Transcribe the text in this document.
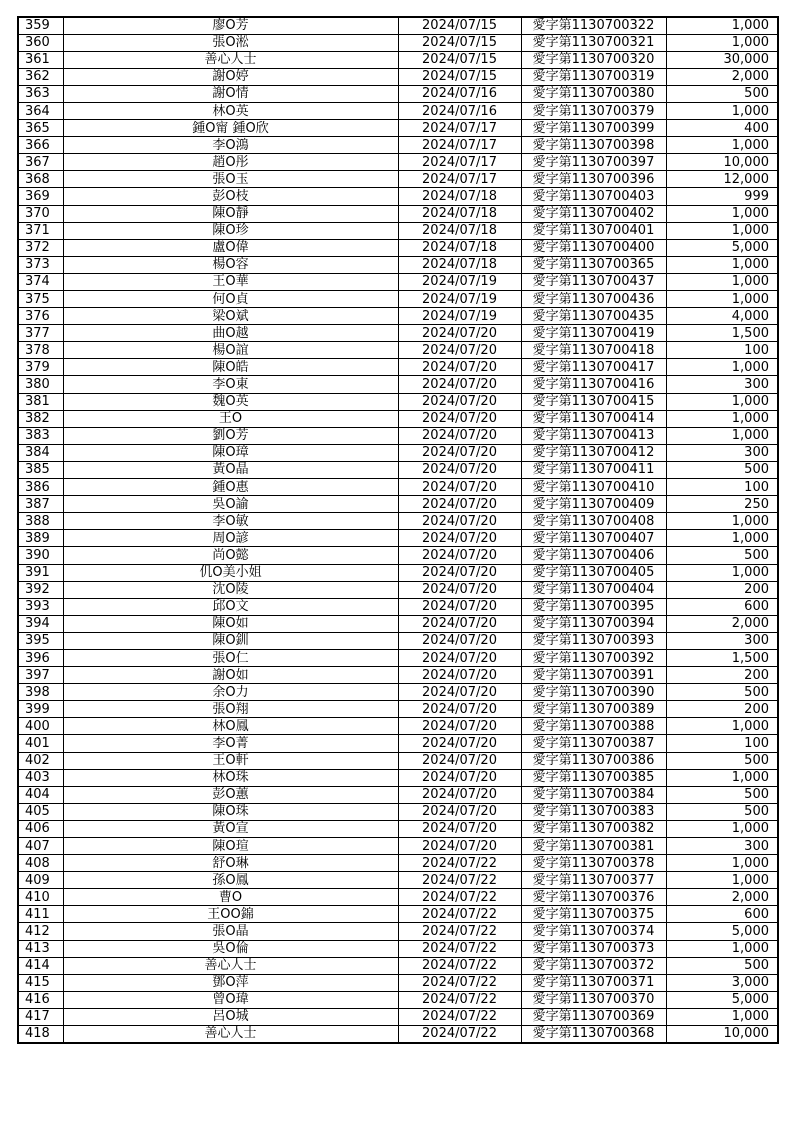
359	廖O芳	2024/07/15	愛字第1130700322	1,000
360	張O淞	2024/07/15	愛字第1130700321	1,000
361	善心人士	2024/07/15	愛字第1130700320	30,000
362	謝O婷	2024/07/15	愛字第1130700319	2,000
363	謝O情	2024/07/16	愛字第1130700380	500
364	林O英	2024/07/16	愛字第1130700379	1,000
365	鍾O甯 鍾O欣	2024/07/17	愛字第1130700399	400
366	李O鴻	2024/07/17	愛字第1130700398	1,000
367	趙O彤	2024/07/17	愛字第1130700397	10,000
368	張O玉	2024/07/17	愛字第1130700396	12,000
369	彭O枝	2024/07/18	愛字第1130700403	999
370	陳O靜	2024/07/18	愛字第1130700402	1,000
371	陳O珍	2024/07/18	愛字第1130700401	1,000
372	盧O偉	2024/07/18	愛字第1130700400	5,000
373	楊O容	2024/07/18	愛字第1130700365	1,000
374	王O華	2024/07/19	愛字第1130700437	1,000
375	何O貞	2024/07/19	愛字第1130700436	1,000
376	梁O斌	2024/07/19	愛字第1130700435	4,000
377	曲O越	2024/07/20	愛字第1130700419	1,500
378	楊O誼	2024/07/20	愛字第1130700418	100
379	陳O皓	2024/07/20	愛字第1130700417	1,000
380	李O東	2024/07/20	愛字第1130700416	300
381	魏O英	2024/07/20	愛字第1130700415	1,000
382	王O	2024/07/20	愛字第1130700414	1,000
383	劉O芳	2024/07/20	愛字第1130700413	1,000
384	陳O璋	2024/07/20	愛字第1130700412	300
385	黃O晶	2024/07/20	愛字第1130700411	500
386	鍾O惠	2024/07/20	愛字第1130700410	100
387	吳O諭	2024/07/20	愛字第1130700409	250
388	李O敏	2024/07/20	愛字第1130700408	1,000
389	周O諺	2024/07/20	愛字第1130700407	1,000
390	尚O懿	2024/07/20	愛字第1130700406	500
391	仉O美小姐	2024/07/20	愛字第1130700405	1,000
392	沈O陵	2024/07/20	愛字第1130700404	200
393	邱O文	2024/07/20	愛字第1130700395	600
394	陳O如	2024/07/20	愛字第1130700394	2,000
395	陳O釧	2024/07/20	愛字第1130700393	300
396	張O仁	2024/07/20	愛字第1130700392	1,500
397	謝O如	2024/07/20	愛字第1130700391	200
398	余O力	2024/07/20	愛字第1130700390	500
399	張O翔	2024/07/20	愛字第1130700389	200
400	林O鳳	2024/07/20	愛字第1130700388	1,000
401	李O菁	2024/07/20	愛字第1130700387	100
402	王O軒	2024/07/20	愛字第1130700386	500
403	林O珠	2024/07/20	愛字第1130700385	1,000
404	彭O蕙	2024/07/20	愛字第1130700384	500
405	陳O珠	2024/07/20	愛字第1130700383	500
406	黃O宣	2024/07/20	愛字第1130700382	1,000
407	陳O瑄	2024/07/20	愛字第1130700381	300
408	舒O琳	2024/07/22	愛字第1130700378	1,000
409	孫O鳳	2024/07/22	愛字第1130700377	1,000
410	曹O	2024/07/22	愛字第1130700376	2,000
411	王OO錦	2024/07/22	愛字第1130700375	600
412	張O晶	2024/07/22	愛字第1130700374	5,000
413	吳O倫	2024/07/22	愛字第1130700373	1,000
414	善心人士	2024/07/22	愛字第1130700372	500
415	鄧O萍	2024/07/22	愛字第1130700371	3,000
416	曾O瑋	2024/07/22	愛字第1130700370	5,000
417	呂O城	2024/07/22	愛字第1130700369	1,000
418	善心人士	2024/07/22	愛字第1130700368	10,000
